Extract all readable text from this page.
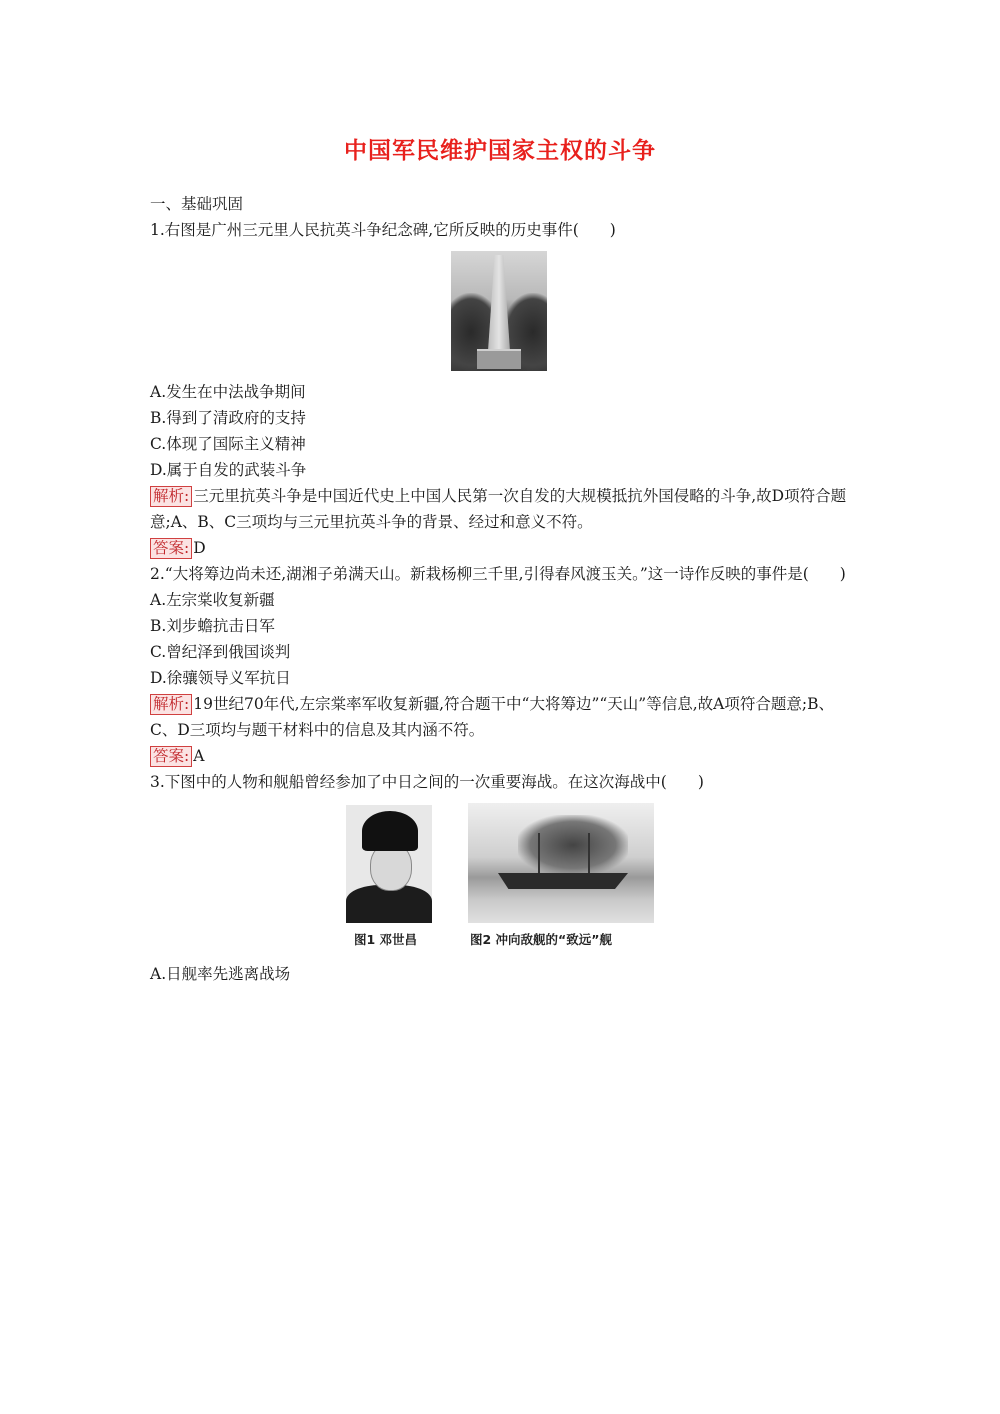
中国军民维护国家主权的斗争
一、基础巩固
1.右图是广州三元里人民抗英斗争纪念碑,它所反映的历史事件(　　)
A.发生在中法战争期间
B.得到了清政府的支持
C.体现了国际主义精神
D.属于自发的武装斗争
解析: 三元里抗英斗争是中国近代史上中国人民第一次自发的大规模抵抗外国侵略的斗争,故D项符合题意;A、B、C三项均与三元里抗英斗争的背景、经过和意义不符。
答案: D
2.“大将筹边尚未还,湖湘子弟满天山。新栽杨柳三千里,引得春风渡玉关。”这一诗作反映的事件是(　　)
A.左宗棠收复新疆
B.刘步蟾抗击日军
C.曾纪泽到俄国谈判
D.徐骧领导义军抗日
解析: 19世纪70年代,左宗棠率军收复新疆,符合题干中“大将筹边”“天山”等信息,故A项符合题意;B、C、D三项均与题干材料中的信息及其内涵不符。
答案: A
3.下图中的人物和舰船曾经参加了中日之间的一次重要海战。在这次海战中(　　)
图1 邓世昌	图2 冲向敌舰的“致远”舰
A.日舰率先逃离战场
